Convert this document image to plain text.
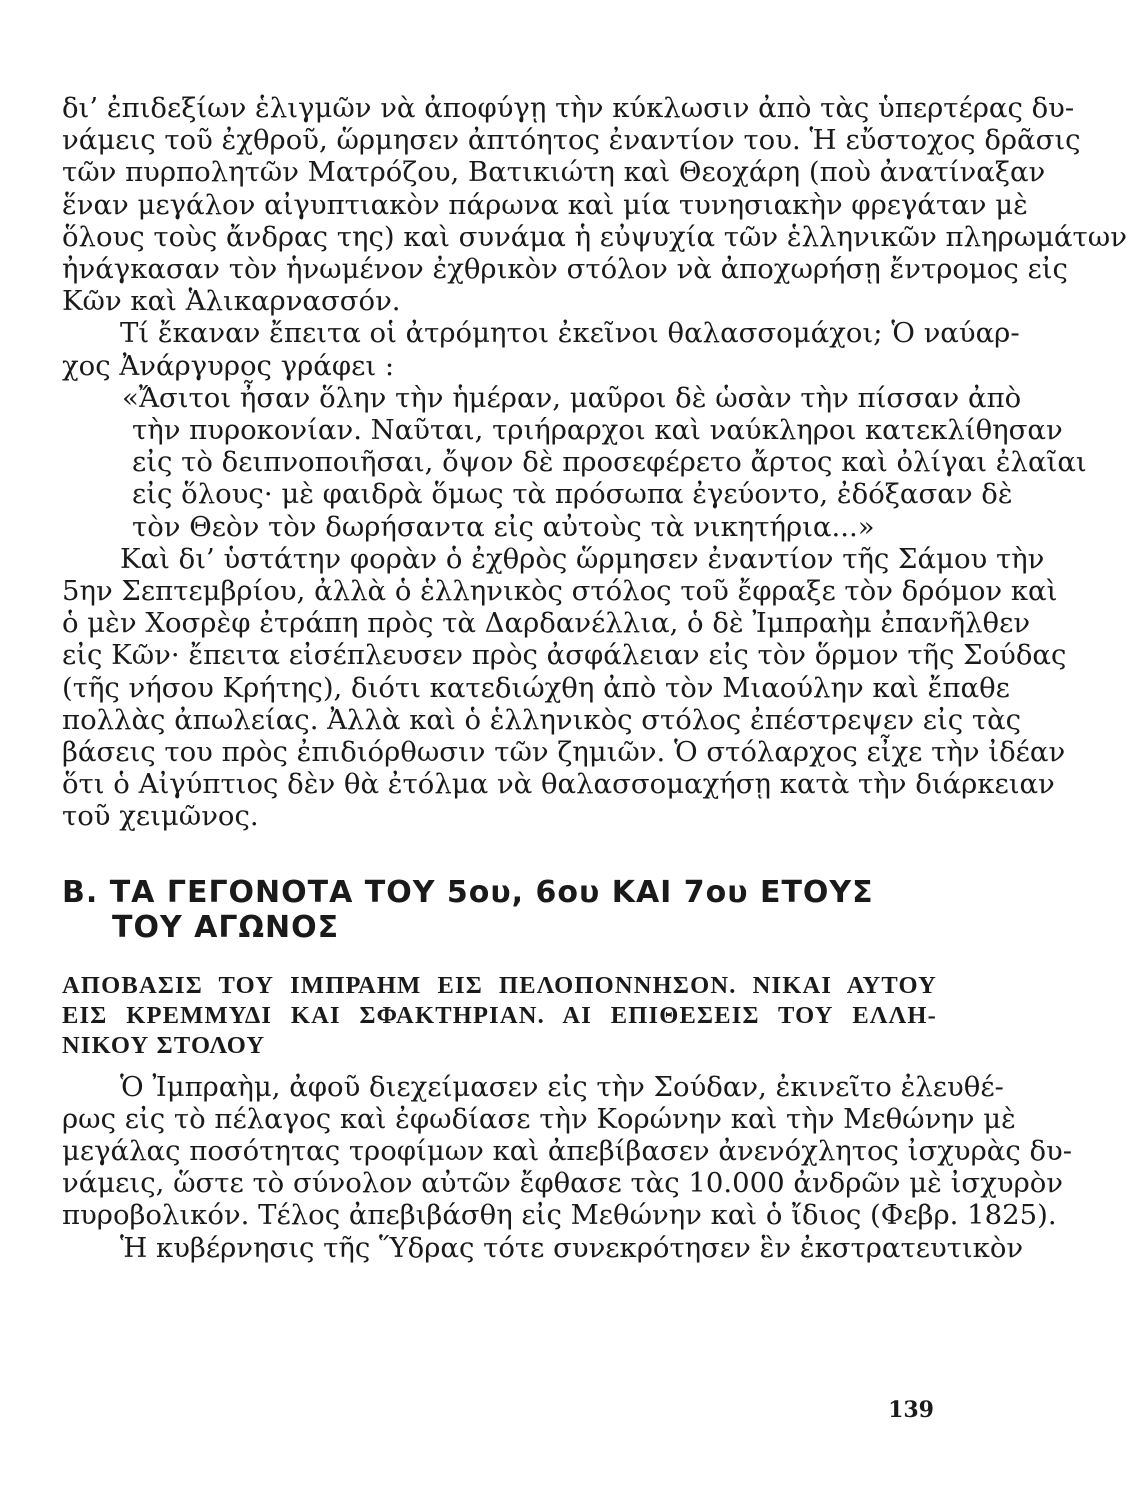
δι’ ἐπιδεξίων ἑλιγμῶν νὰ ἀποφύγῃ τὴν κύκλωσιν ἀπὸ τὰς ὑπερτέρας δυ-
νάμεις τοῦ ἐχθροῦ, ὥρμησεν ἀπτόητος ἐναντίον του. Ἡ εὔστοχος δρᾶσις
τῶν πυρπολητῶν Ματρόζου, Βατικιώτη καὶ Θεοχάρη (ποὺ ἀνατίναξαν
ἕναν μεγάλον αἰγυπτιακὸν πάρωνα καὶ μία τυνησιακὴν φρεγάταν μὲ
ὅλους τοὺς ἄνδρας της) καὶ συνάμα ἡ εὐψυχία τῶν ἑλληνικῶν πληρωμάτων
ἠνάγκασαν τὸν ἡνωμένον ἐχθρικὸν στόλον νὰ ἀποχωρήσῃ ἔντρομος εἰς
Κῶν καὶ Ἁλικαρνασσόν.
Τί ἔκαναν ἔπειτα οἱ ἀτρόμητοι ἐκεῖνοι θαλασσομάχοι; Ὁ ναύαρ-
χος Ἀνάργυρος γράφει :
«Ἄσιτοι ἦσαν ὅλην τὴν ἡμέραν, μαῦροι δὲ ὡσὰν τὴν πίσσαν ἀπὸ
τὴν πυροκονίαν. Ναῦται, τριήραρχοι καὶ ναύκληροι κατεκλίθησαν
εἰς τὸ δειπνοποιῆσαι, ὄψον δὲ προσεφέρετο ἄρτος καὶ ὀλίγαι ἐλαῖαι
εἰς ὅλους· μὲ φαιδρὰ ὅμως τὰ πρόσωπα ἐγεύοντο, ἐδόξασαν δὲ
τὸν Θεὸν τὸν δωρήσαντα εἰς αὐτοὺς τὰ νικητήρια...»
Καὶ δι’ ὑστάτην φορὰν ὁ ἐχθρὸς ὥρμησεν ἐναντίον τῆς Σάμου τὴν
5ην Σεπτεμβρίου, ἀλλὰ ὁ ἑλληνικὸς στόλος τοῦ ἔφραξε τὸν δρόμον καὶ
ὁ μὲν Χοσρὲφ ἐτράπη πρὸς τὰ Δαρδανέλλια, ὁ δὲ Ἰμπραὴμ ἐπανῆλθεν
εἰς Κῶν· ἔπειτα εἰσέπλευσεν πρὸς ἀσφάλειαν εἰς τὸν ὅρμον τῆς Σούδας
(τῆς νήσου Κρήτης), διότι κατεδιώχθη ἀπὸ τὸν Μιαούλην καὶ ἔπαθε
πολλὰς ἀπωλείας. Ἀλλὰ καὶ ὁ ἑλληνικὸς στόλος ἐπέστρεψεν εἰς τὰς
βάσεις του πρὸς ἐπιδιόρθωσιν τῶν ζημιῶν. Ὁ στόλαρχος εἶχε τὴν ἰδέαν
ὅτι ὁ Αἰγύπτιος δὲν θὰ ἐτόλμα νὰ θαλασσομαχήσῃ κατὰ τὴν διάρκειαν
τοῦ χειμῶνος.
Β. ΤΑ ΓΕΓΟΝΟΤΑ ΤΟΥ 5ου, 6ου ΚΑΙ 7ου ΕΤΟΥΣ
ΤΟΥ ΑΓΩΝΟΣ
ΑΠΟΒΑΣΙΣ ΤΟΥ ΙΜΠΡΑΗΜ ΕΙΣ ΠΕΛΟΠΟΝΝΗΣΟΝ. ΝΙΚΑΙ ΑΥΤΟΥ
ΕΙΣ ΚΡΕΜΜΥΔΙ ΚΑΙ ΣΦΑΚΤΗΡΙΑΝ. ΑΙ ΕΠΙΘΕΣΕΙΣ ΤΟΥ ΕΛΛΗ-
ΝΙΚΟΥ ΣΤΟΛΟΥ
Ὁ Ἰμπραὴμ, ἀφοῦ διεχείμασεν εἰς τὴν Σούδαν, ἐκινεῖτο ἐλευθέ-
ρως εἰς τὸ πέλαγος καὶ ἐφωδίασε τὴν Κορώνην καὶ τὴν Μεθώνην μὲ
μεγάλας ποσότητας τροφίμων καὶ ἀπεβίβασεν ἀνενόχλητος ἰσχυρὰς δυ-
νάμεις, ὥστε τὸ σύνολον αὐτῶν ἔφθασε τὰς 10.000 ἀνδρῶν μὲ ἰσχυρὸν
πυροβολικόν. Τέλος ἀπεβιβάσθη εἰς Μεθώνην καὶ ὁ ἴδιος (Φεβρ. 1825).
Ἡ κυβέρνησις τῆς Ὕδρας τότε συνεκρότησεν ἓν ἐκστρατευτικὸν
139
